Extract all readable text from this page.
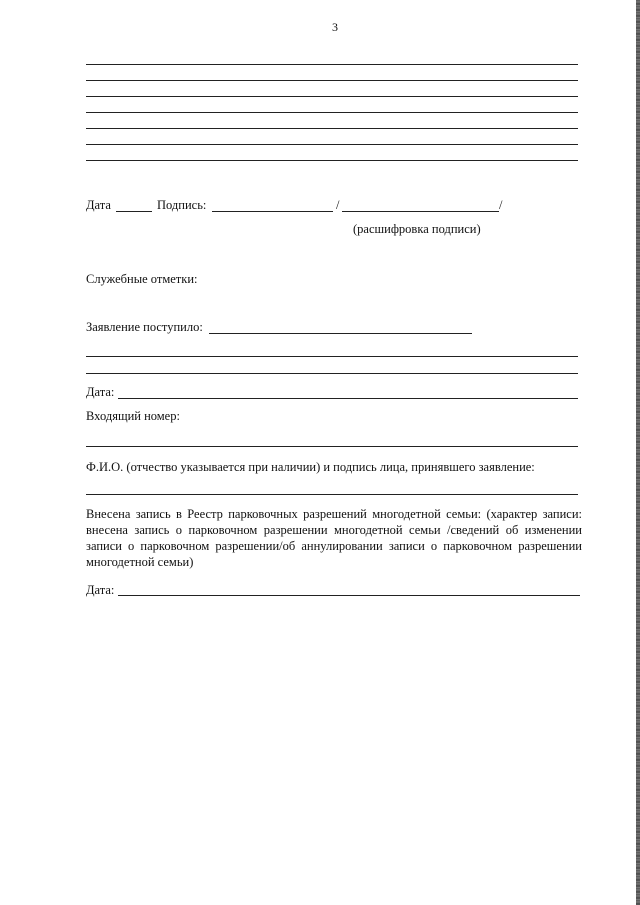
3
Дата	Подпись:	/	/
(расшифровка подписи)
Служебные отметки:
Заявление поступило:
Дата:
Входящий номер:
Ф.И.О. (отчество указывается при наличии) и подпись лица, принявшего заявление:
Внесена запись в Реестр парковочных разрешений многодетной семьи: (характер записи: внесена запись о парковочном разрешении многодетной семьи /сведений об изменении записи о парковочном разрешении/об аннулировании записи о парковочном разрешении многодетной семьи)
Дата:
